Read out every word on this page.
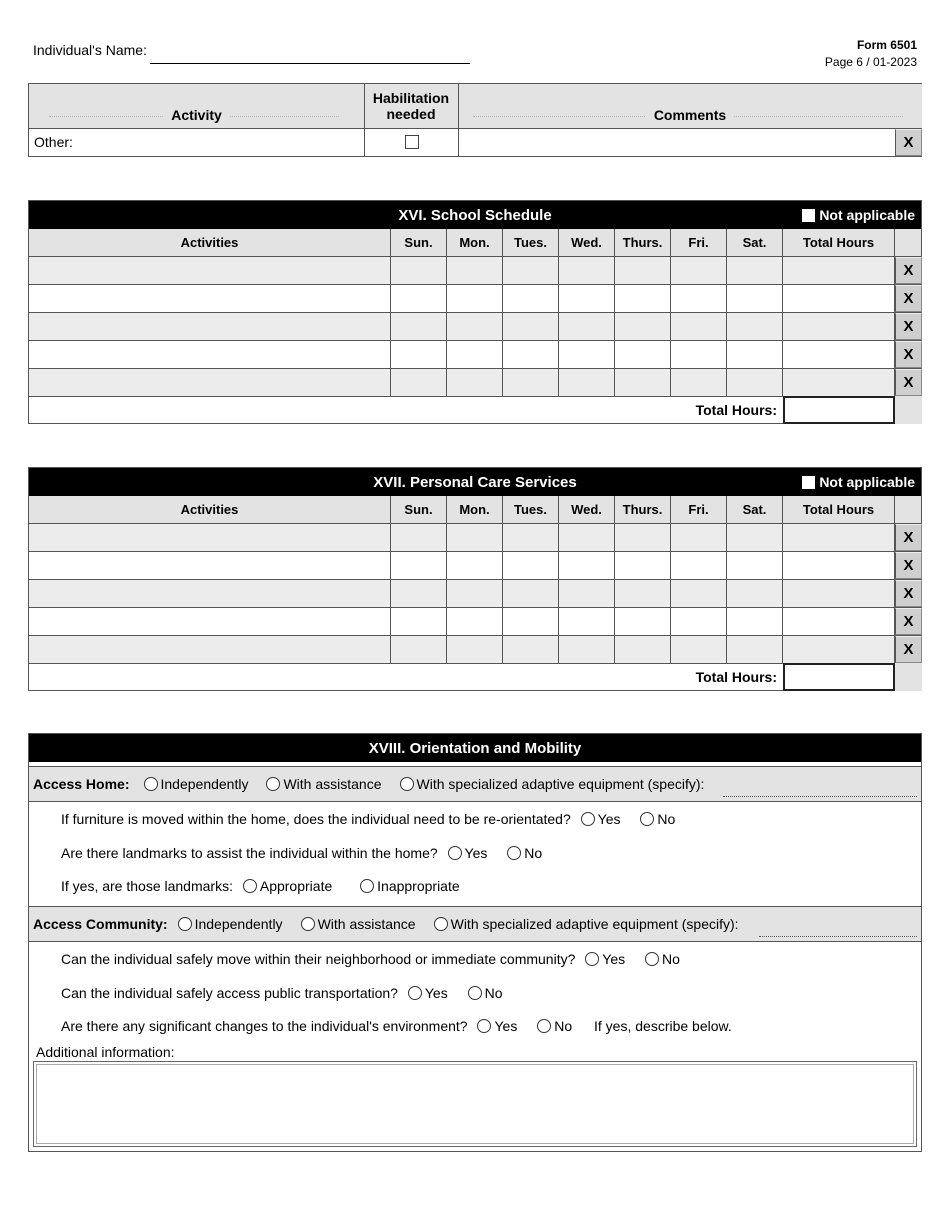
Individual's Name:	Form 6501
Page 6 / 01-2023
Activity
Habilitation
needed	Comments
Other:	X
XVI. School Schedule	Not applicable
Activities	Sun.	Mon.	Tues.	Wed.	Thurs.	Fri.	Sat.	Total Hours
X
X
X
X
X
Total Hours:
XVII. Personal Care Services	Not applicable
Activities	Sun.	Mon.	Tues.	Wed.	Thurs.	Fri.	Sat.	Total Hours
X
X
X
X
X
Total Hours:
XVIII. Orientation and Mobility
Access Home:	Independently	With assistance	With specialized adaptive equipment (specify):
If furniture is moved within the home, does the individual need to be re-orientated? Yes	No
Are there landmarks to assist the individual within the home? Yes	No
If yes, are those landmarks: Appropriate	Inappropriate
Access Community:	Independently	With assistance	With specialized adaptive equipment (specify):
Can the individual safely move within their neighborhood or immediate community? Yes	No
Can the individual safely access public transportation? Yes	No
Are there any significant changes to the individual's environment? Yes	No If yes, describe below.
Additional information:
